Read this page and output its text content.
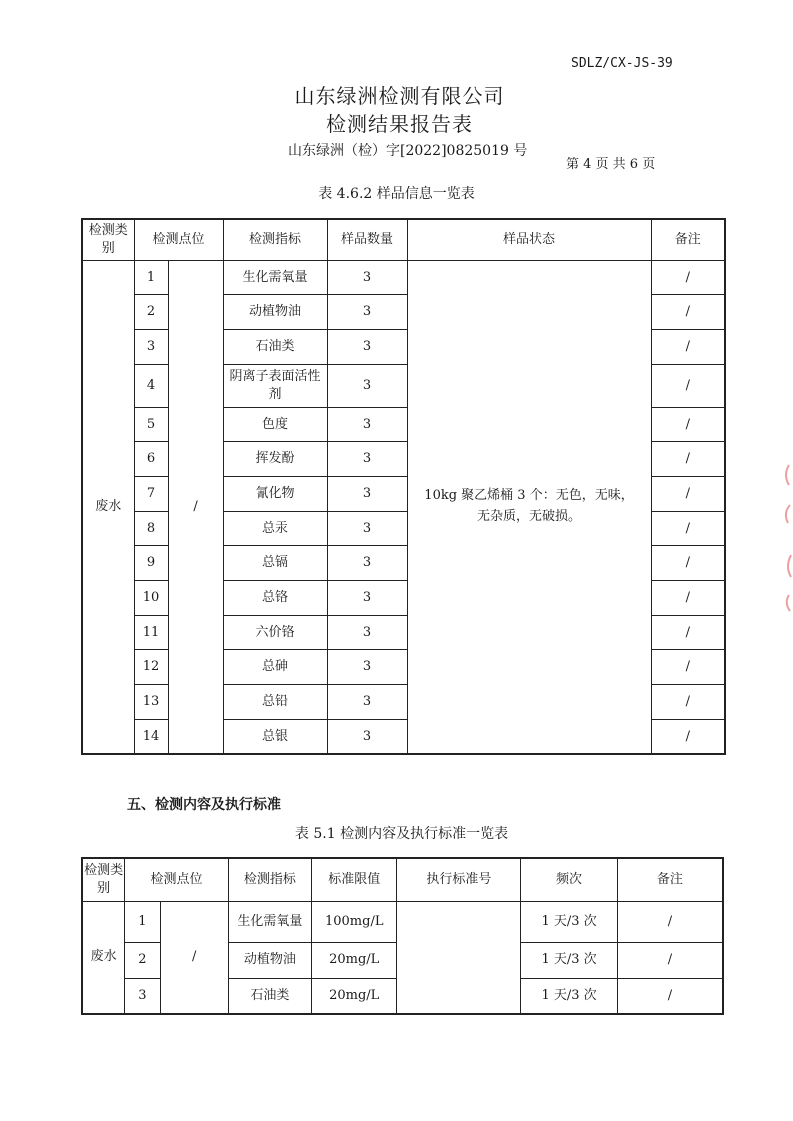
SDLZ/CX-JS-39
山东绿洲检测有限公司
检测结果报告表
山东绿洲（检）字[2022]0825019 号
第 4 页 共 6 页
表 4.6.2 样品信息一览表
检测类别	检测点位		检测指标	样品数量	样品状态	备注
废水	1	/	生化需氧量	3	10kg 聚乙烯桶 3 个：无色，无味，无杂质，无破损。	/
	2		动植物油	3		/
	3		石油类	3		/
	4		阴离子表面活性剂	3		/
	5		色度	3		/
	6		挥发酚	3		/
	7		氰化物	3		/
	8		总汞	3		/
	9		总镉	3		/
	10		总铬	3		/
	11		六价铬	3		/
	12		总砷	3		/
	13		总铅	3		/
	14		总银	3		/
五、检测内容及执行标准
表 5.1 检测内容及执行标准一览表
检测类别	检测点位		检测指标	标准限值	执行标准号	频次	备注
废水	1	/	生化需氧量	100mg/L		1 天/3 次	/
	2		动植物油	20mg/L		1 天/3 次	/
	3		石油类	20mg/L		1 天/3 次	/
